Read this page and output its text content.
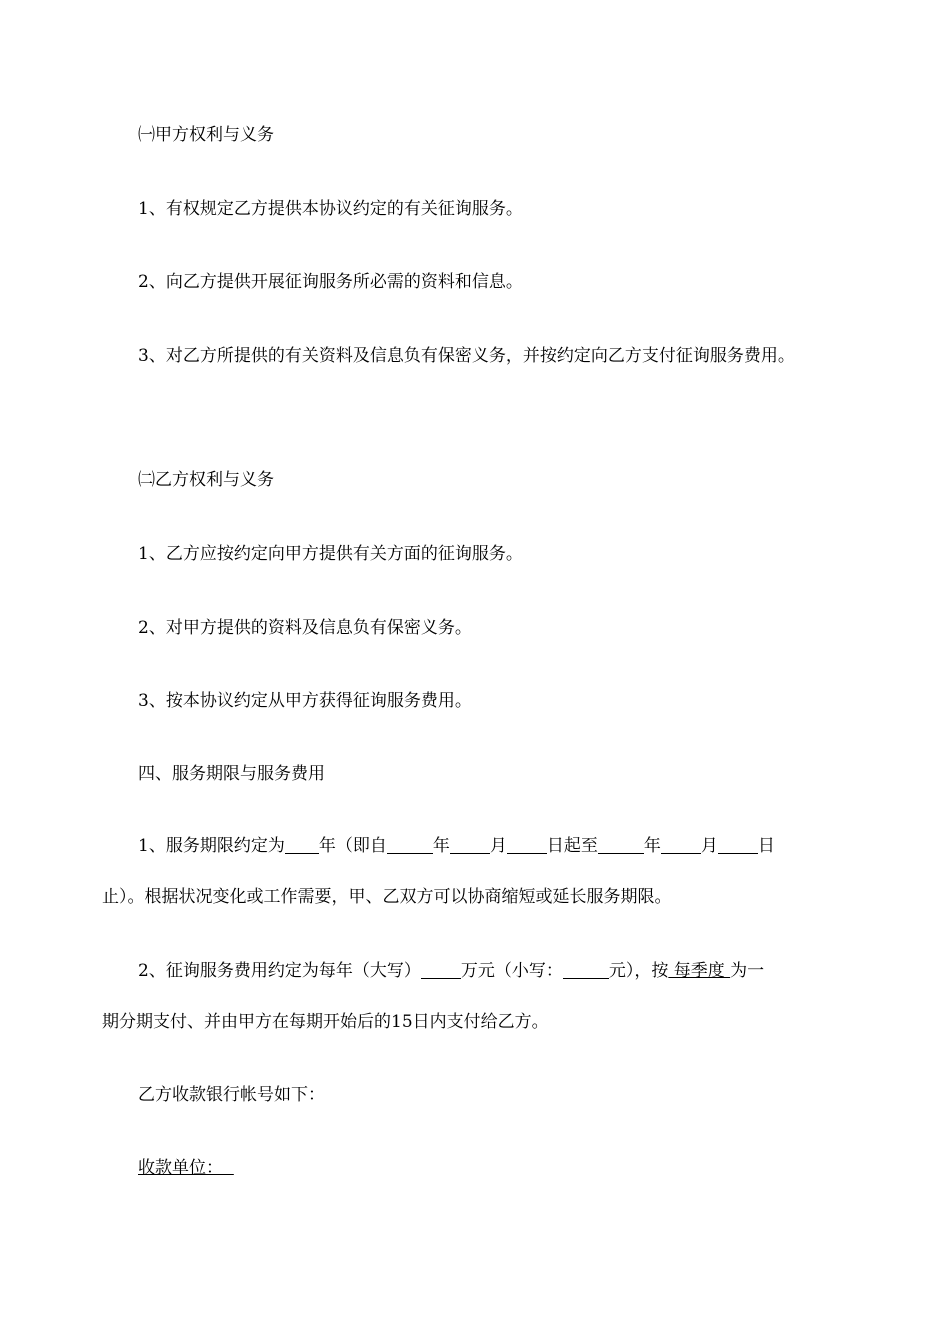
㈠甲方权利与义务

1、有权规定乙方提供本协议约定的有关征询服务。

2、向乙方提供开展征询服务所必需的资料和信息。

3、对乙方所提供的有关资料及信息负有保密义务，并按约定向乙方支付征询服务费用。

㈡乙方权利与义务

1、乙方应按约定向甲方提供有关方面的征询服务。

2、对甲方提供的资料及信息负有保密义务。

3、按本协议约定从甲方获得征询服务费用。

四、服务期限与服务费用

1、服务期限约定为 年（即自	年 月 日起至	年 月 日

止）。根据状况变化或工作需要，甲、乙双方可以协商缩短或延长服务期限。

2、征询服务费用约定为每年（大写） 万元（小写：	元），按 每季度 为一

期分期支付、并由甲方在每期开始后的15日内支付给乙方。

乙方收款银行帐号如下：

收款单位：
